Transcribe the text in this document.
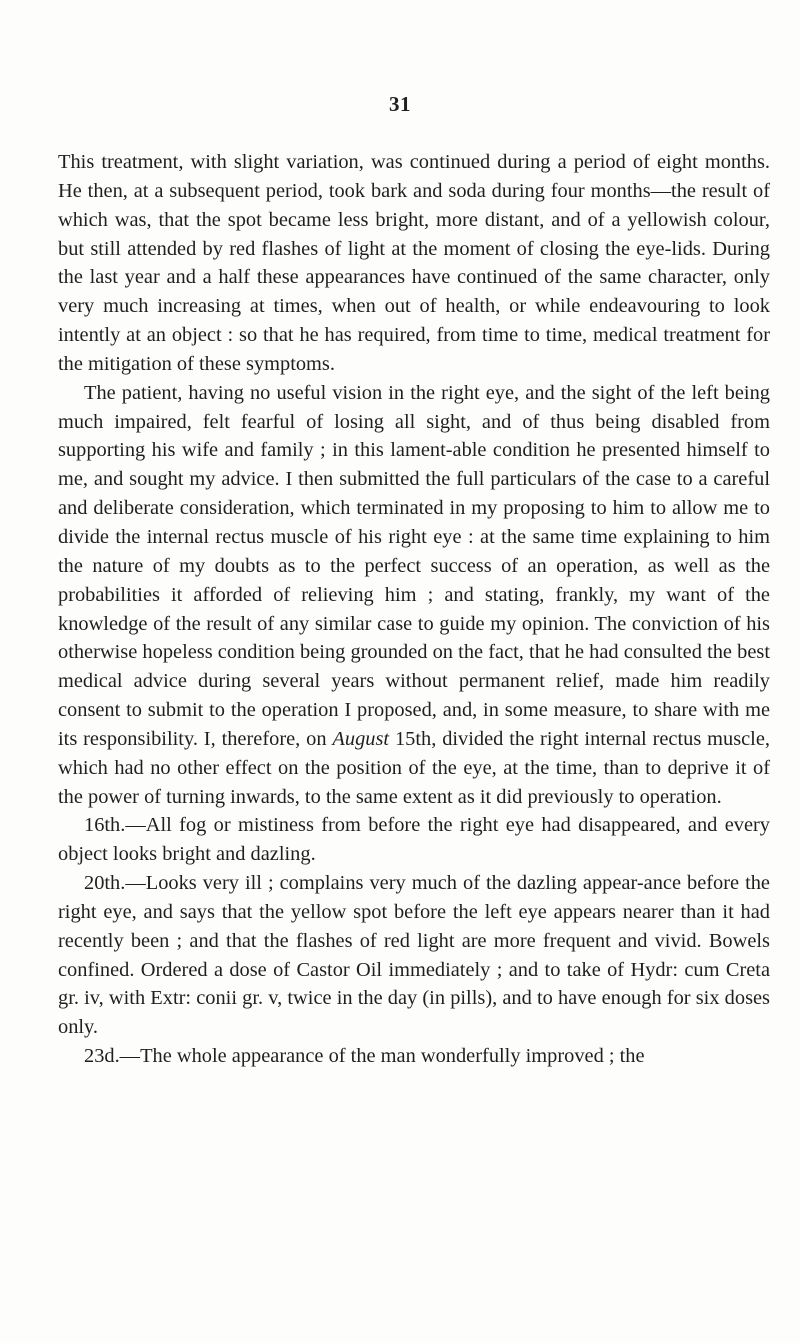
31

This treatment, with slight variation, was continued during a period of eight months. He then, at a subsequent period, took bark and soda during four months—the result of which was, that the spot became less bright, more distant, and of a yellowish colour, but still attended by red flashes of light at the moment of closing the eye-lids. During the last year and a half these appearances have continued of the same character, only very much increasing at times, when out of health, or while endeavouring to look intently at an object : so that he has required, from time to time, medical treatment for the mitigation of these symptoms.

The patient, having no useful vision in the right eye, and the sight of the left being much impaired, felt fearful of losing all sight, and of thus being disabled from supporting his wife and family ; in this lament-able condition he presented himself to me, and sought my advice. I then submitted the full particulars of the case to a careful and deliberate consideration, which terminated in my proposing to him to allow me to divide the internal rectus muscle of his right eye : at the same time explaining to him the nature of my doubts as to the perfect success of an operation, as well as the probabilities it afforded of relieving him ; and stating, frankly, my want of the knowledge of the result of any similar case to guide my opinion. The conviction of his otherwise hopeless condition being grounded on the fact, that he had consulted the best medical advice during several years without permanent relief, made him readily consent to submit to the operation I proposed, and, in some measure, to share with me its responsibility. I, therefore, on August 15th, divided the right internal rectus muscle, which had no other effect on the position of the eye, at the time, than to deprive it of the power of turning inwards, to the same extent as it did previously to operation.

16th.—All fog or mistiness from before the right eye had disappeared, and every object looks bright and dazling.

20th.—Looks very ill ; complains very much of the dazling appear-ance before the right eye, and says that the yellow spot before the left eye appears nearer than it had recently been ; and that the flashes of red light are more frequent and vivid. Bowels confined. Ordered a dose of Castor Oil immediately ; and to take of Hydr: cum Creta gr. iv, with Extr: conii gr. v, twice in the day (in pills), and to have enough for six doses only.

23d.—The whole appearance of the man wonderfully improved ; the
